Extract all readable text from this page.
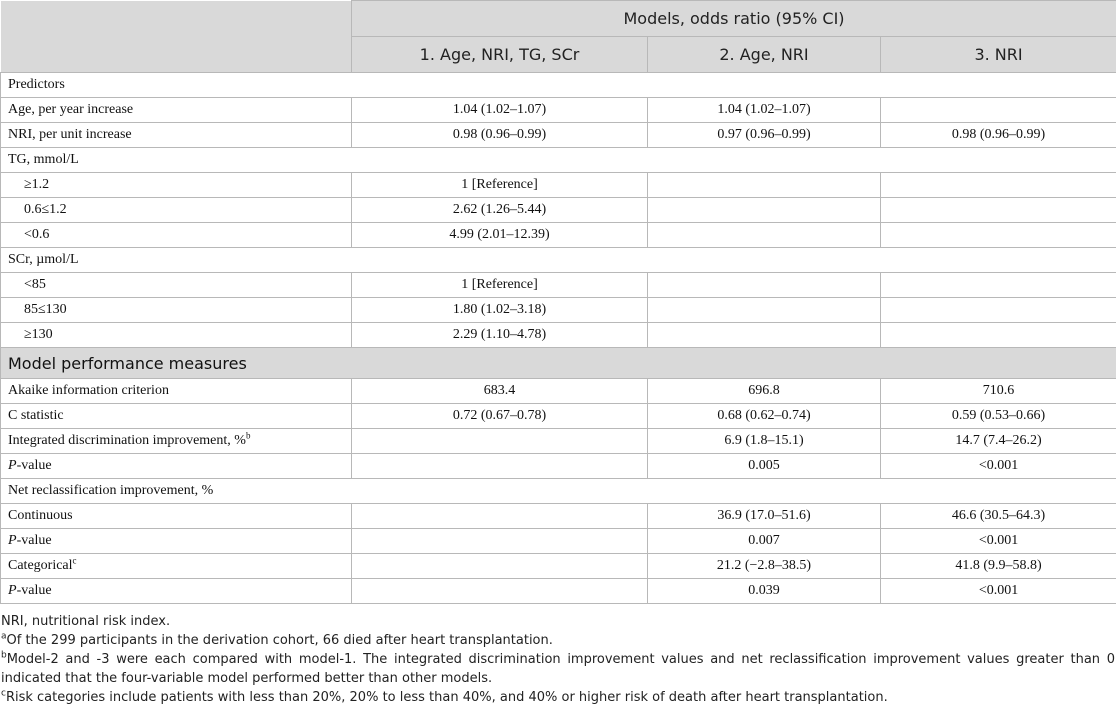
	Models, odds ratio (95% CI)		
	1. Age, NRI, TG, SCr	2. Age, NRI	3. NRI
Predictors			
Age, per year increase	1.04 (1.02–1.07)	1.04 (1.02–1.07)	
NRI, per unit increase	0.98 (0.96–0.99)	0.97 (0.96–0.99)	0.98 (0.96–0.99)
TG, mmol/L			
≥1.2	1 [Reference]		
0.6≤1.2	2.62 (1.26–5.44)		
<0.6	4.99 (2.01–12.39)		
SCr, µmol/L			
<85	1 [Reference]		
85≤130	1.80 (1.02–3.18)		
≥130	2.29 (1.10–4.78)		
Model performance measures			
Akaike information criterion	683.4	696.8	710.6
C statistic	0.72 (0.67–0.78)	0.68 (0.62–0.74)	0.59 (0.53–0.66)
Integrated discrimination improvement, %$^b$		6.9 (1.8–15.1)	14.7 (7.4–26.2)
P-value		0.005	<0.001
Net reclassification improvement, %			
Continuous		36.9 (17.0–51.6)	46.6 (30.5–64.3)
P-value		0.007	<0.001
Categorical$^c$		21.2 (−2.8–38.5)	41.8 (9.9–58.8)
P-value		0.039	<0.001

NRI, nutritional risk index.

$^a$Of the 299 participants in the derivation cohort, 66 died after heart transplantation.

$^b$Model-2 and -3 were each compared with model-1. The integrated discrimination improvement values and net reclassification improvement values greater than 0 indicated that the four-variable model performed better than other models.

$^c$Risk categories include patients with less than 20%, 20% to less than 40%, and 40% or higher risk of death after heart transplantation.
